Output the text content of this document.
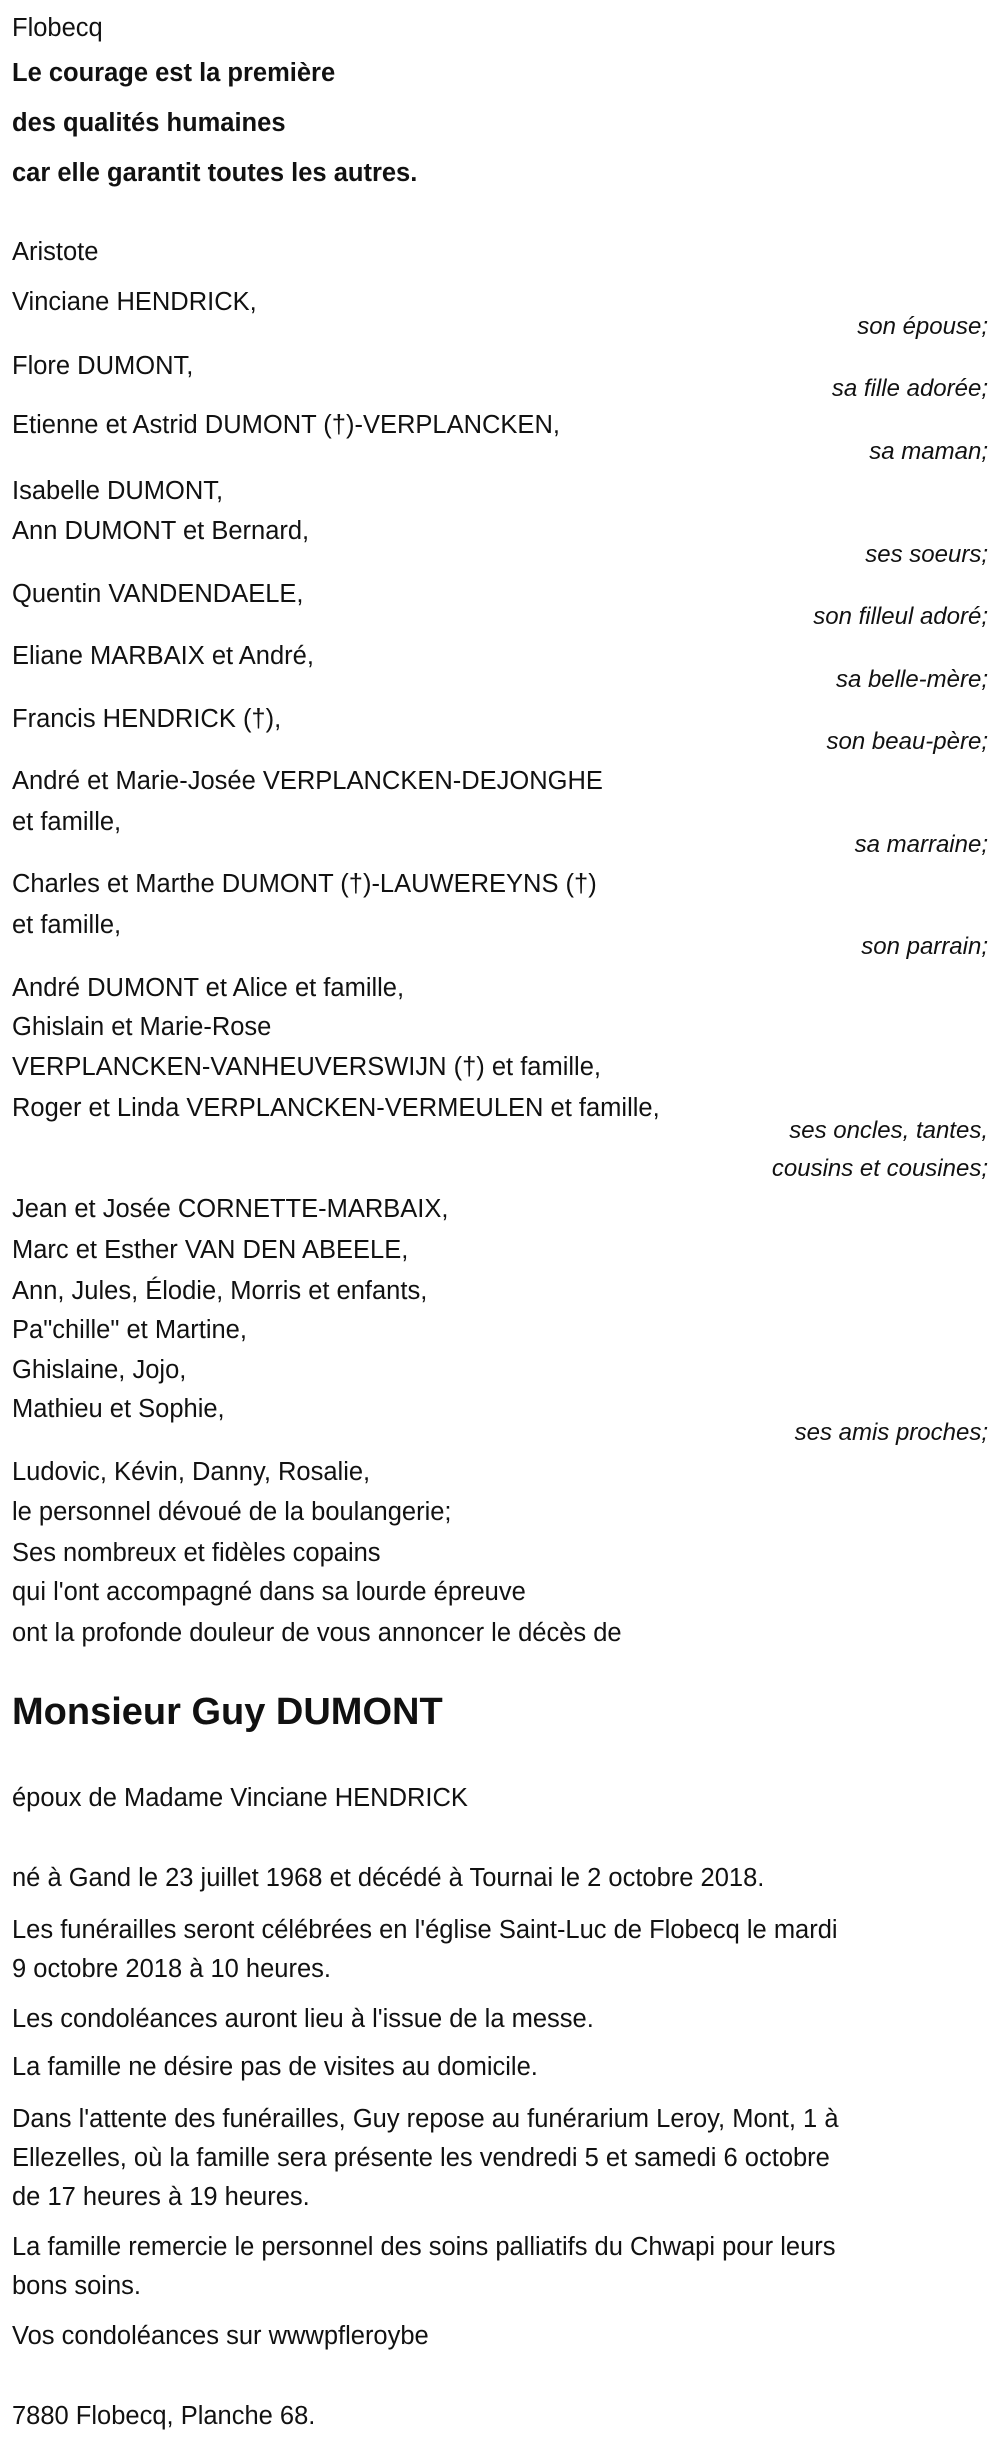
Flobecq
Le courage est la première
des qualités humaines
car elle garantit toutes les autres.
Aristote
Vinciane HENDRICK,
son épouse;
Flore DUMONT,
sa fille adorée;
Etienne et Astrid DUMONT (†)-VERPLANCKEN,
sa maman;
Isabelle DUMONT,
Ann DUMONT et Bernard,
ses soeurs;
Quentin VANDENDAELE,
son filleul adoré;
Eliane MARBAIX et André,
sa belle-mère;
Francis HENDRICK (†),
son beau-père;
André et Marie-Josée VERPLANCKEN-DEJONGHE
et famille,
sa marraine;
Charles et Marthe DUMONT (†)-LAUWEREYNS (†)
et famille,
son parrain;
André DUMONT et Alice et famille,
Ghislain et Marie-Rose
VERPLANCKEN-VANHEUVERSWIJN (†) et famille,
Roger et Linda VERPLANCKEN-VERMEULEN et famille,
ses oncles, tantes,
cousins et cousines;
Jean et Josée CORNETTE-MARBAIX,
Marc et Esther VAN DEN ABEELE,
Ann, Jules, Élodie, Morris et enfants,
Pa"chille" et Martine,
Ghislaine, Jojo,
Mathieu et Sophie,
ses amis proches;
Ludovic, Kévin, Danny, Rosalie,
le personnel dévoué de la boulangerie;
Ses nombreux et fidèles copains
qui l'ont accompagné dans sa lourde épreuve
ont la profonde douleur de vous annoncer le décès de
Monsieur Guy DUMONT
époux de Madame Vinciane HENDRICK
né à Gand le 23 juillet 1968 et décédé à Tournai le 2 octobre 2018.
Les funérailles seront célébrées en l'église Saint-Luc de Flobecq le mardi
9 octobre 2018 à 10 heures.
Les condoléances auront lieu à l'issue de la messe.
La famille ne désire pas de visites au domicile.
Dans l'attente des funérailles, Guy repose au funérarium Leroy, Mont, 1 à
Ellezelles, où la famille sera présente les vendredi 5 et samedi 6 octobre
de 17 heures à 19 heures.
La famille remercie le personnel des soins palliatifs du Chwapi pour leurs
bons soins.
Vos condoléances sur wwwpfleroybe
7880 Flobecq, Planche 68.
